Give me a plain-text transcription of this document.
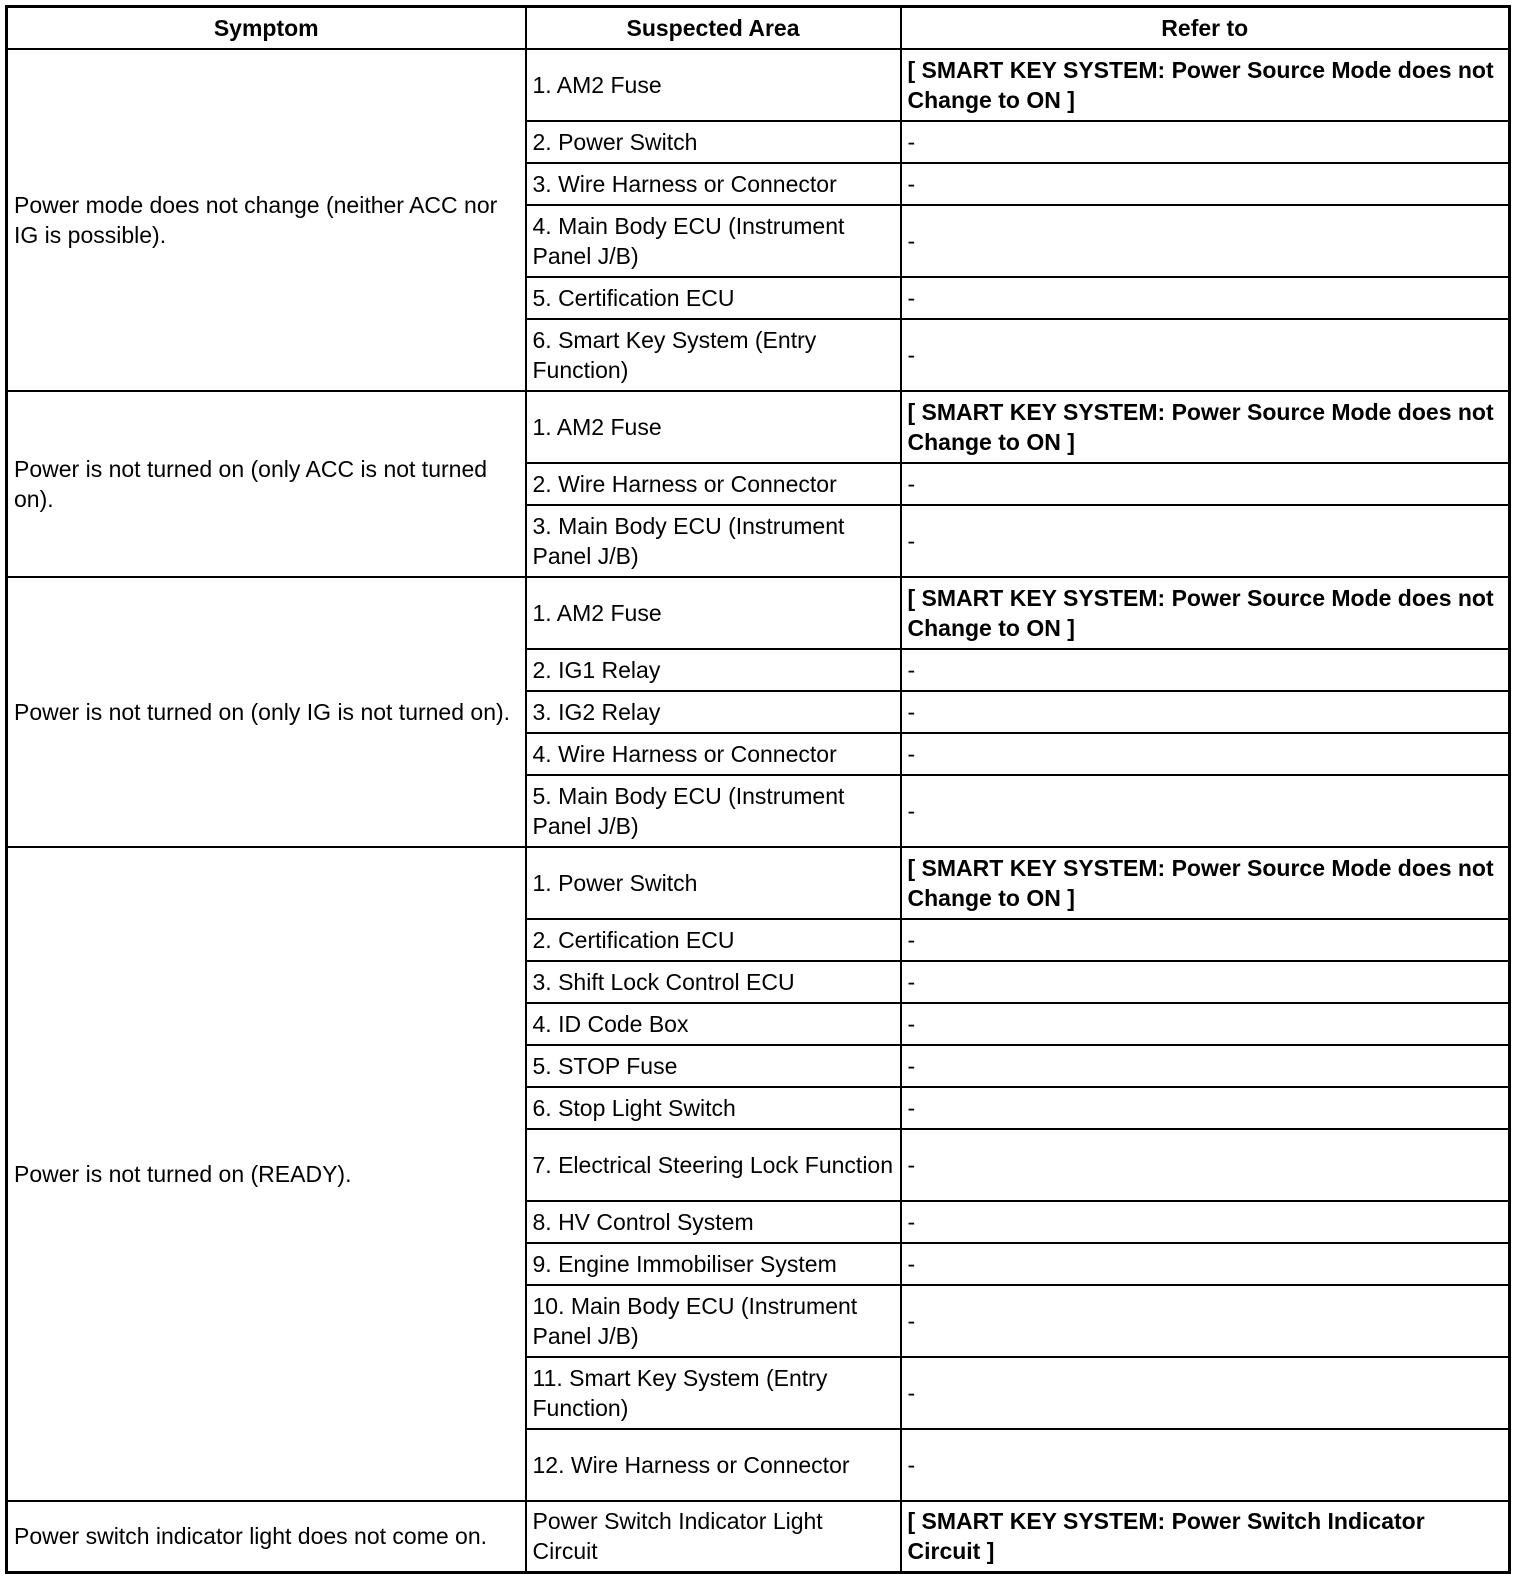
Symptom	Suspected Area	Refer to
Power mode does not change (neither ACC nor IG is possible).	1. AM2 Fuse	[ SMART KEY SYSTEM: Power Source Mode does not Change to ON ]
	2. Power Switch	-
	3. Wire Harness or Connector	-
	4. Main Body ECU (Instrument Panel J/B)	-
	5. Certification ECU	-
	6. Smart Key System (Entry Function)	-
Power is not turned on (only ACC is not turned on).	1. AM2 Fuse	[ SMART KEY SYSTEM: Power Source Mode does not Change to ON ]
	2. Wire Harness or Connector	-
	3. Main Body ECU (Instrument Panel J/B)	-
Power is not turned on (only IG is not turned on).	1. AM2 Fuse	[ SMART KEY SYSTEM: Power Source Mode does not Change to ON ]
	2. IG1 Relay	-
	3. IG2 Relay	-
	4. Wire Harness or Connector	-
	5. Main Body ECU (Instrument Panel J/B)	-
Power is not turned on (READY).	1. Power Switch	[ SMART KEY SYSTEM: Power Source Mode does not Change to ON ]
	2. Certification ECU	-
	3. Shift Lock Control ECU	-
	4. ID Code Box	-
	5. STOP Fuse	-
	6. Stop Light Switch	-
	7. Electrical Steering Lock Function	-
	8. HV Control System	-
	9. Engine Immobiliser System	-
	10. Main Body ECU (Instrument Panel J/B)	-
	11. Smart Key System (Entry Function)	-
	12. Wire Harness or Connector	-
Power switch indicator light does not come on.	Power Switch Indicator Light Circuit	[ SMART KEY SYSTEM: Power Switch Indicator Circuit ]
